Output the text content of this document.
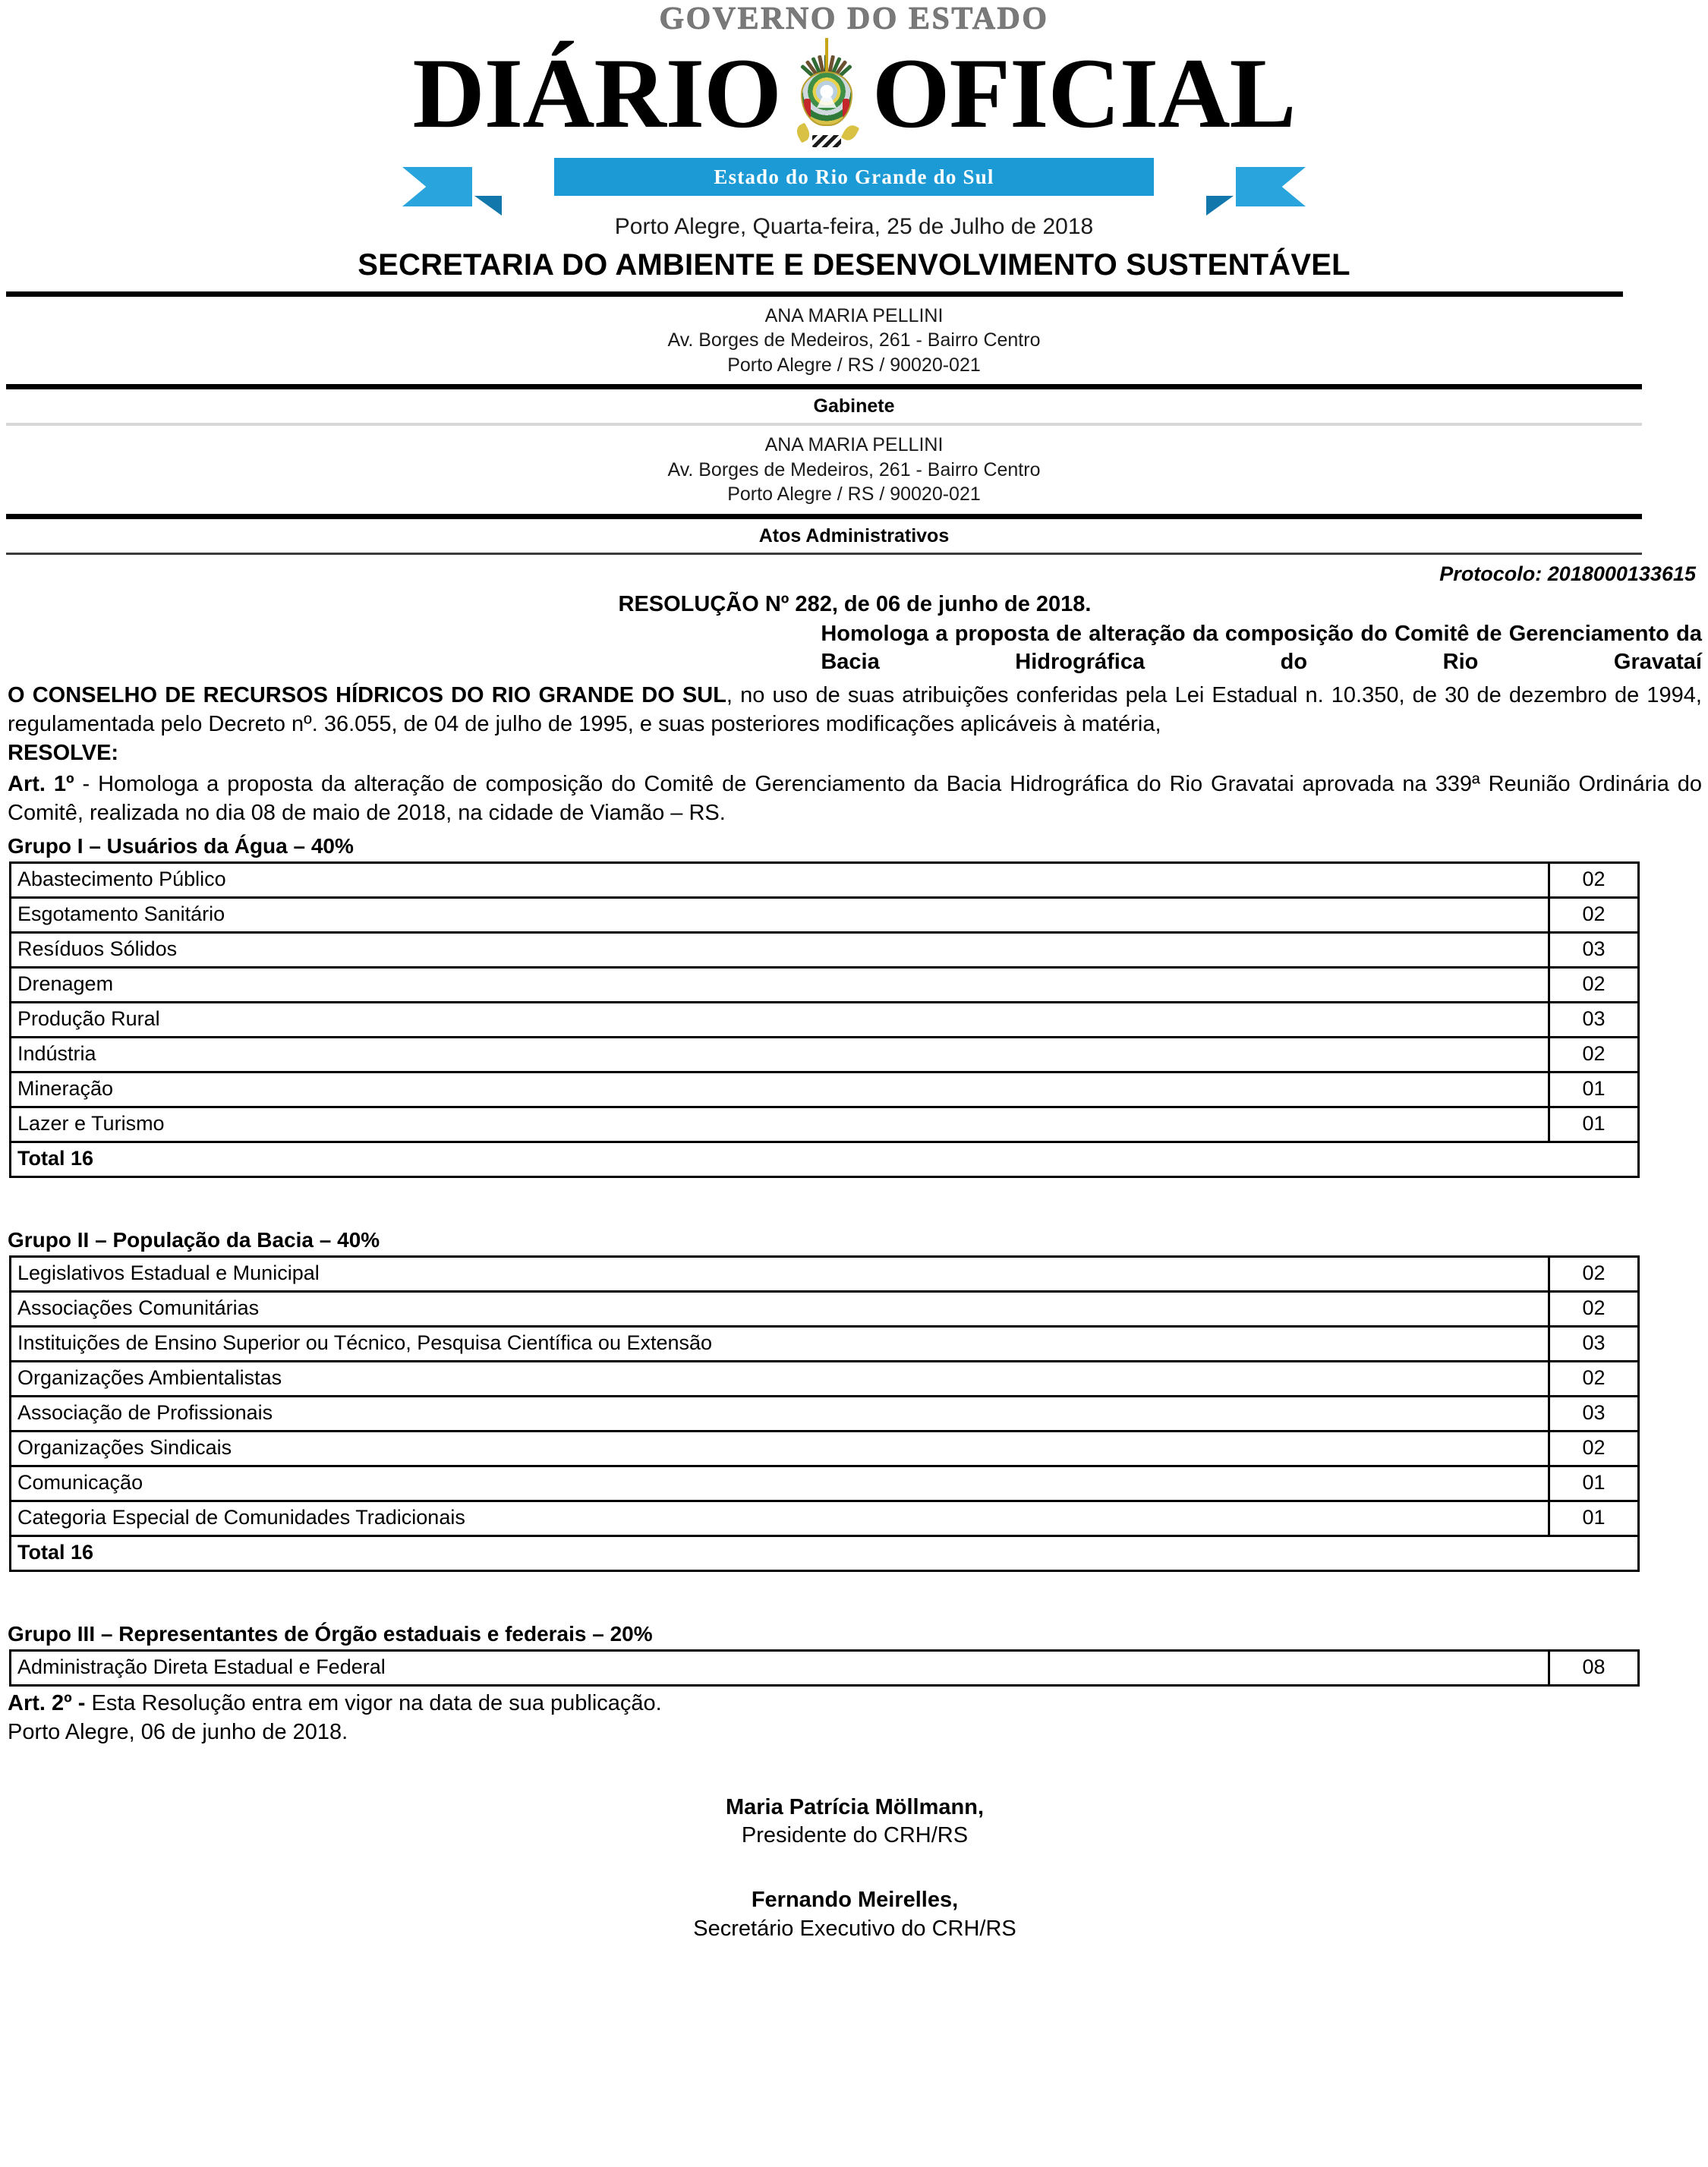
GOVERNO DO ESTADO
DIÁRIO OFICIAL
Estado do Rio Grande do Sul
Porto Alegre, Quarta-feira, 25 de Julho de 2018
SECRETARIA DO AMBIENTE E DESENVOLVIMENTO SUSTENTÁVEL
ANA MARIA PELLINI
Av. Borges de Medeiros, 261 - Bairro Centro
Porto Alegre / RS / 90020-021
Gabinete
ANA MARIA PELLINI
Av. Borges de Medeiros, 261 - Bairro Centro
Porto Alegre / RS / 90020-021
Atos Administrativos
Protocolo: 2018000133615
RESOLUÇÃO Nº 282, de 06 de junho de 2018.
Homologa a proposta de alteração da composição do Comitê de Gerenciamento da Bacia Hidrográfica do Rio Gravataí
O CONSELHO DE RECURSOS HÍDRICOS DO RIO GRANDE DO SUL, no uso de suas atribuições conferidas pela Lei Estadual n. 10.350, de 30 de dezembro de 1994, regulamentada pelo Decreto nº. 36.055, de 04 de julho de 1995, e suas posteriores modificações aplicáveis à matéria,
RESOLVE:
Art. 1º - Homologa a proposta da alteração de composição do Comitê de Gerenciamento da Bacia Hidrográfica do Rio Gravatai aprovada na 339ª Reunião Ordinária do Comitê, realizada no dia 08 de maio de 2018, na cidade de Viamão – RS.
Grupo I – Usuários da Água – 40%
Abastecimento Público	02
Esgotamento Sanitário	02
Resíduos Sólidos	03
Drenagem	02
Produção Rural	03
Indústria	02
Mineração	01
Lazer e Turismo	01
Total 16	
Grupo II – População da Bacia – 40%
Legislativos Estadual e Municipal	02
Associações Comunitárias	02
Instituições de Ensino Superior ou Técnico, Pesquisa Científica ou Extensão	03
Organizações Ambientalistas	02
Associação de Profissionais	03
Organizações Sindicais	02
Comunicação	01
Categoria Especial de Comunidades Tradicionais	01
Total 16	
Grupo III – Representantes de Órgão estaduais e federais – 20%
Administração Direta Estadual e Federal	08
Art. 2º - Esta Resolução entra em vigor na data de sua publicação.
Porto Alegre, 06 de junho de 2018.
Maria Patrícia Möllmann,
Presidente do CRH/RS
Fernando Meirelles,
Secretário Executivo do CRH/RS
